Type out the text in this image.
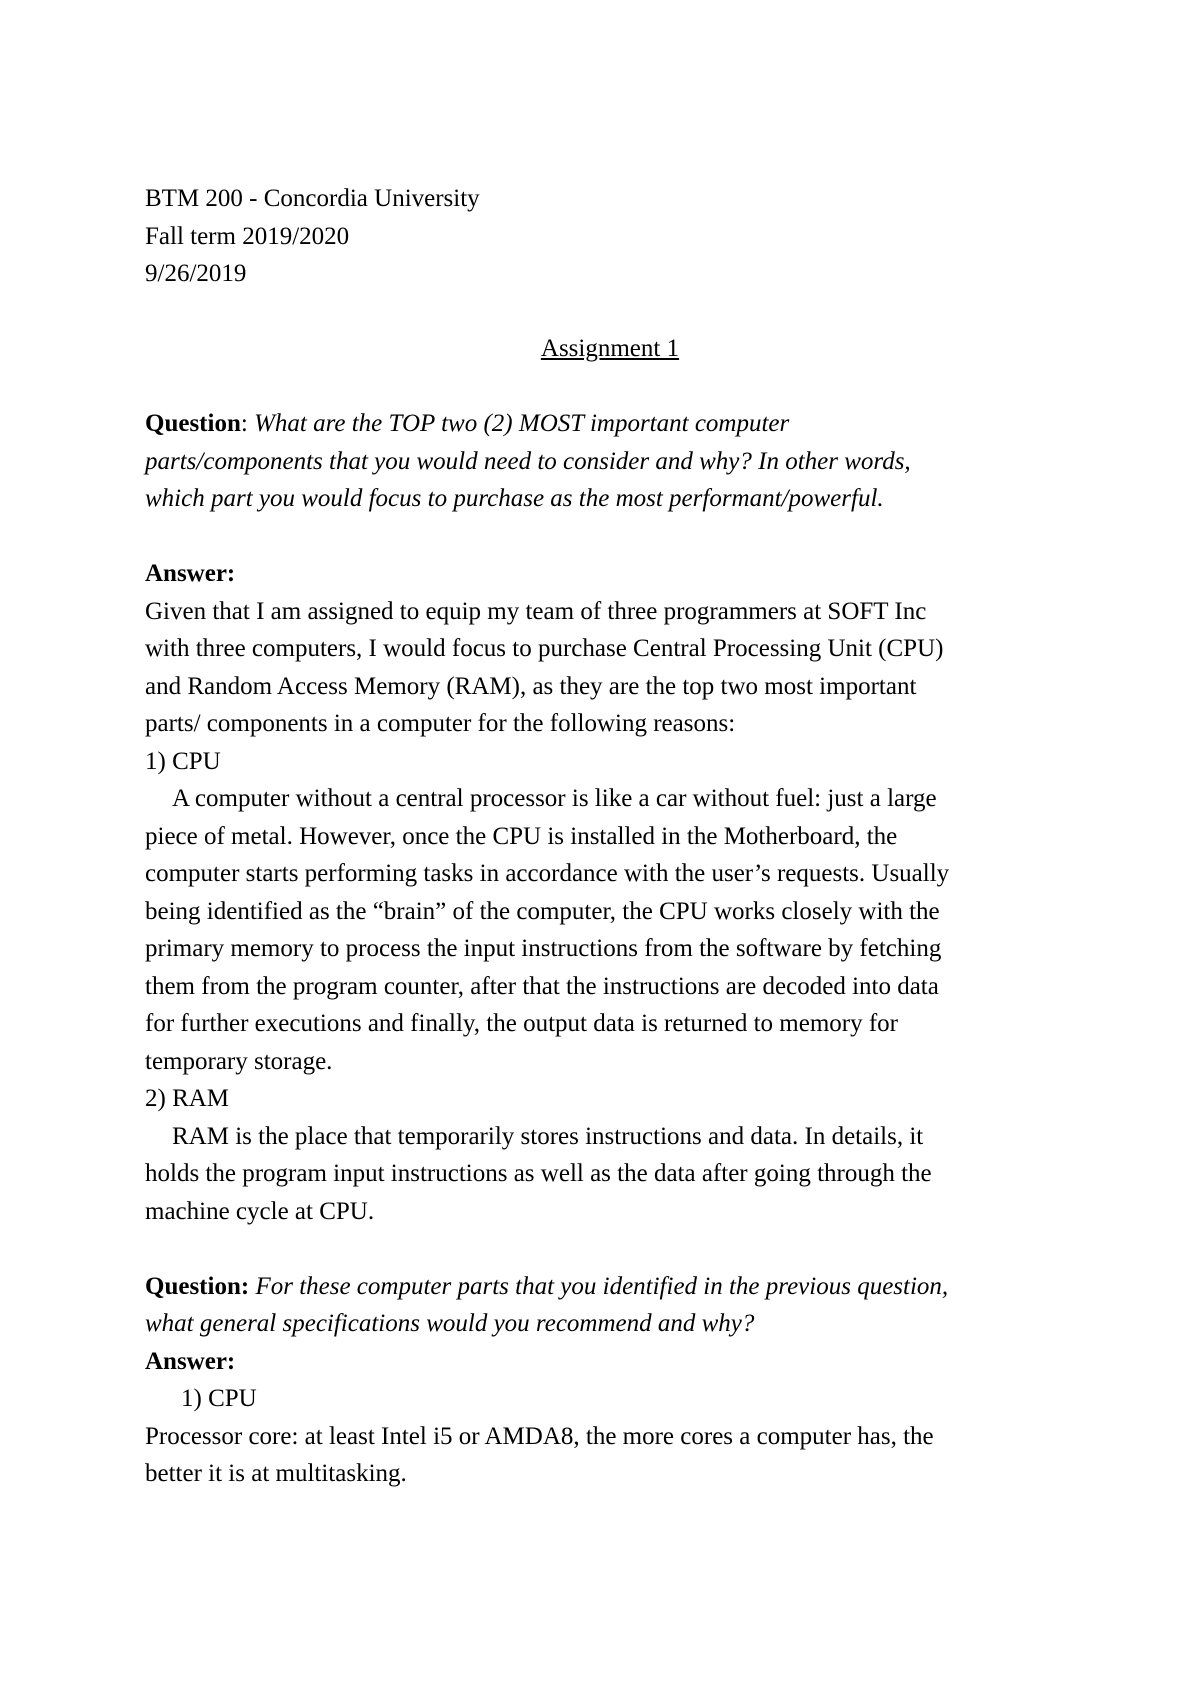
BTM 200 - Concordia University
Fall term 2019/2020
9/26/2019
Assignment 1
Question: What are the TOP two (2) MOST important computer
parts/components that you would need to consider and why? In other words,
which part you would focus to purchase as the most performant/powerful.
Answer:
Given that I am assigned to equip my team of three programmers at SOFT Inc
with three computers, I would focus to purchase Central Processing Unit (CPU)
and Random Access Memory (RAM), as they are the top two most important
parts/ components in a computer for the following reasons:
1) CPU
A computer without a central processor is like a car without fuel: just a large
piece of metal. However, once the CPU is installed in the Motherboard, the
computer starts performing tasks in accordance with the user’s requests. Usually
being identified as the “brain” of the computer, the CPU works closely with the
primary memory to process the input instructions from the software by fetching
them from the program counter, after that the instructions are decoded into data
for further executions and finally, the output data is returned to memory for
temporary storage.
2) RAM
RAM is the place that temporarily stores instructions and data. In details, it
holds the program input instructions as well as the data after going through the
machine cycle at CPU.
Question: For these computer parts that you identified in the previous question,
what general specifications would you recommend and why?
Answer:
1) CPU
Processor core: at least Intel i5 or AMDA8, the more cores a computer has, the
better it is at multitasking.
